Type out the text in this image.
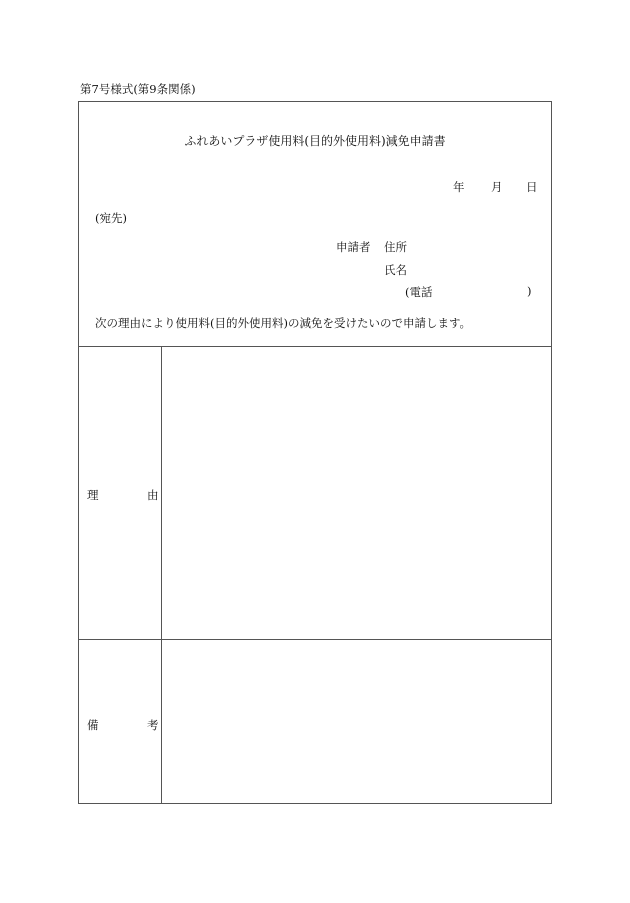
第7号様式(第9条関係)
ふれあいプラザ使用料(目的外使用料)減免申請書
年 月 日
(宛先)
申請者 住所
氏名
(電話	)
次の理由により使用料(目的外使用料)の減免を受けたいので申請します。
理	由
備	考
